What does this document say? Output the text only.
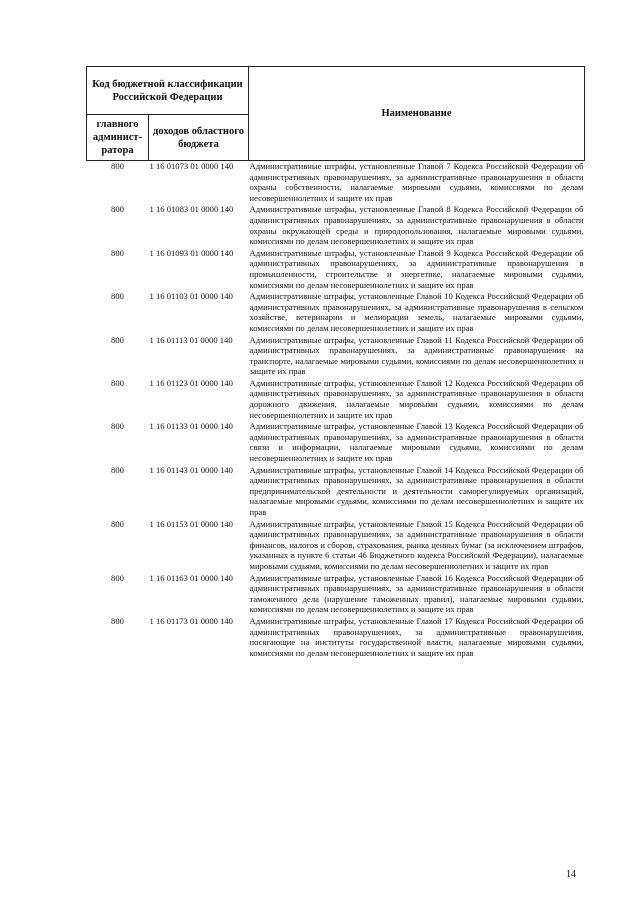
Код бюджетной классификации Российской Федерации		Наименование
главного админист-ратора	доходов областного бюджета	
800	1 16 01073 01 0000 140	Административные штрафы, установленные Главой 7 Кодекса Российской Федерации об административных правонарушениях, за административные правонарушения в области охраны собственности, налагаемые мировыми судьями, комиссиями по делам несовершеннолетних и защите их прав
800	1 16 01083 01 0000 140	Административные штрафы, установленные Главой 8 Кодекса Российской Федерации об административных правонарушениях, за административные правонарушения в области охраны окружающей среды и природопользования, налагаемые мировыми судьями, комиссиями по делам несовершеннолетних и защите их прав
800	1 16 01093 01 0000 140	Административные штрафы, установленные Главой 9 Кодекса Российской Федерации об административных правонарушениях, за административные правонарушения в промышленности, строительстве и энергетике, налагаемые мировыми судьями, комиссиями по делам несовершеннолетних и защите их прав
800	1 16 01103 01 0000 140	Административные штрафы, установленные Главой 10 Кодекса Российской Федерации об административных правонарушениях, за административные правонарушения в сельском хозяйстве, ветеринарии и мелиорации земель, налагаемые мировыми судьями, комиссиями по делам несовершеннолетних и защите их прав
800	1 16 01113 01 0000 140	Административные штрафы, установленные Главой 11 Кодекса Российской Федерации об административных правонарушениях, за административные правонарушения на транспорте, налагаемые мировыми судьями, комиссиями по делам несовершеннолетних и защите их прав
800	1 16 01123 01 0000 140	Административные штрафы, установленные Главой 12 Кодекса Российской Федерации об административных правонарушениях, за административные правонарушения в области дорожного движения, налагаемые мировыми судьями, комиссиями по делам несовершеннолетних и защите их прав
800	1 16 01133 01 0000 140	Административные штрафы, установленные Главой 13 Кодекса Российской Федерации об административных правонарушениях, за административные правонарушения в области связи и информации, налагаемые мировыми судьями, комиссиями по делам несовершеннолетних и защите их прав
800	1 16 01143 01 0000 140	Административные штрафы, установленные Главой 14 Кодекса Российской Федерации об административных правонарушениях, за административные правонарушения в области предпринимательской деятельности и деятельности саморегулируемых организаций, налагаемые мировыми судьями, комиссиями по делам несовершеннолетних и защите их прав
800	1 16 01153 01 0000 140	Административные штрафы, установленные Главой 15 Кодекса Российской Федерации об административных правонарушениях, за административные правонарушения в области финансов, налогов и сборов, страхования, рынка ценных бумаг (за исключением штрафов, указанных в пункте 6 статьи 46 Бюджетного кодекса Российской Федерации), налагаемые мировыми судьями, комиссиями по делам несовершеннолетних и защите их прав
800	1 16 01163 01 0000 140	Административные штрафы, установленные Главой 16 Кодекса Российской Федерации об административных правонарушениях, за административные правонарушения в области таможенного дела (нарушение таможенных правил), налагаемые мировыми судьями, комиссиями по делам несовершеннолетних и защите их прав
800	1 16 01173 01 0000 140	Административные штрафы, установленные Главой 17 Кодекса Российской Федерации об административных правонарушениях, за административные правонарушения, посягающие на институты государственной власти, налагаемые мировыми судьями, комиссиями по делам несовершеннолетних и защите их прав
14
